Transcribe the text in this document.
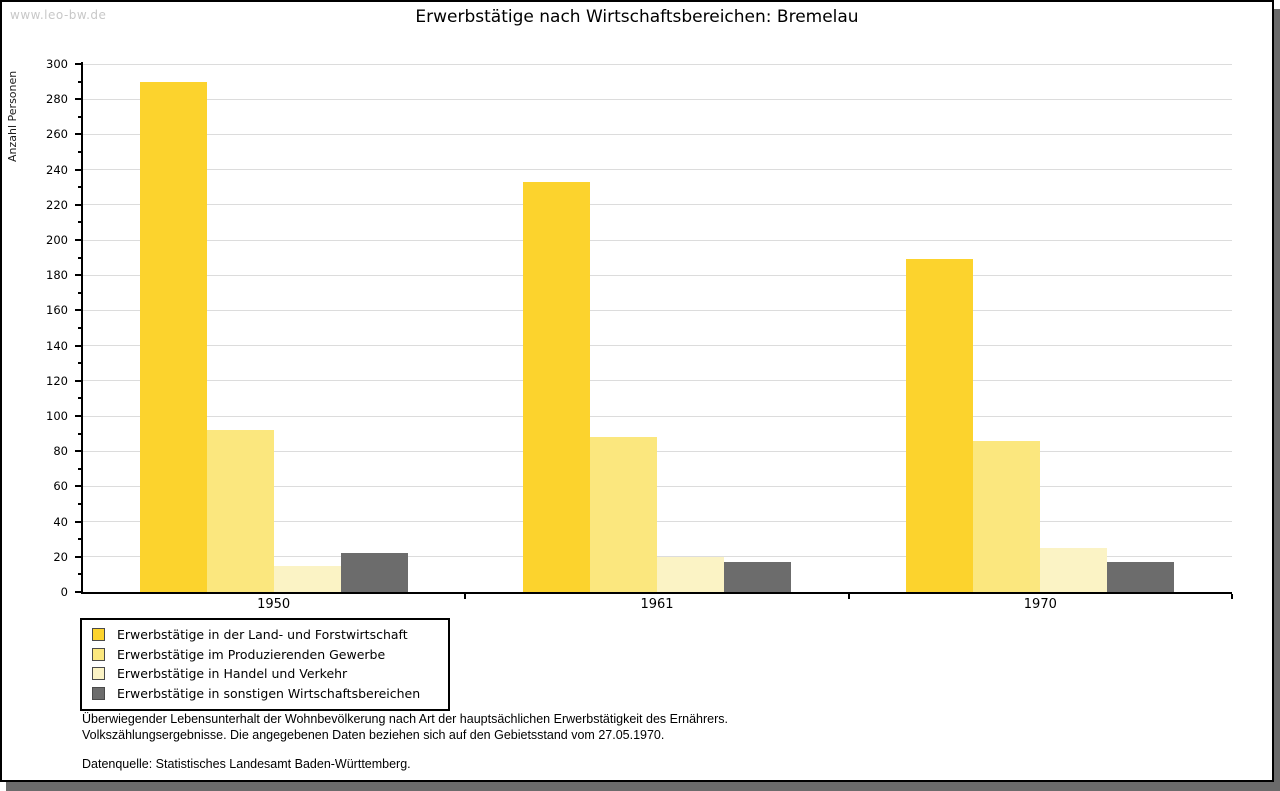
www.leo-bw.de	Erwerbstätige nach Wirtschaftsbereichen: Bremelau
Anzahl Personen
0
20
40
60
80
100
120
140
160
180
200
220
240
260
280
300
1950	1961	1970
Erwerbstätige in der Land- und Forstwirtschaft
Erwerbstätige im Produzierenden Gewerbe
Erwerbstätige in Handel und Verkehr
Erwerbstätige in sonstigen Wirtschaftsbereichen
Überwiegender Lebensunterhalt der Wohnbevölkerung nach Art der hauptsächlichen Erwerbstätigkeit des Ernährers.
Volkszählungsergebnisse. Die angegebenen Daten beziehen sich auf den Gebietsstand vom 27.05.1970.
Datenquelle: Statistisches Landesamt Baden-Württemberg.
